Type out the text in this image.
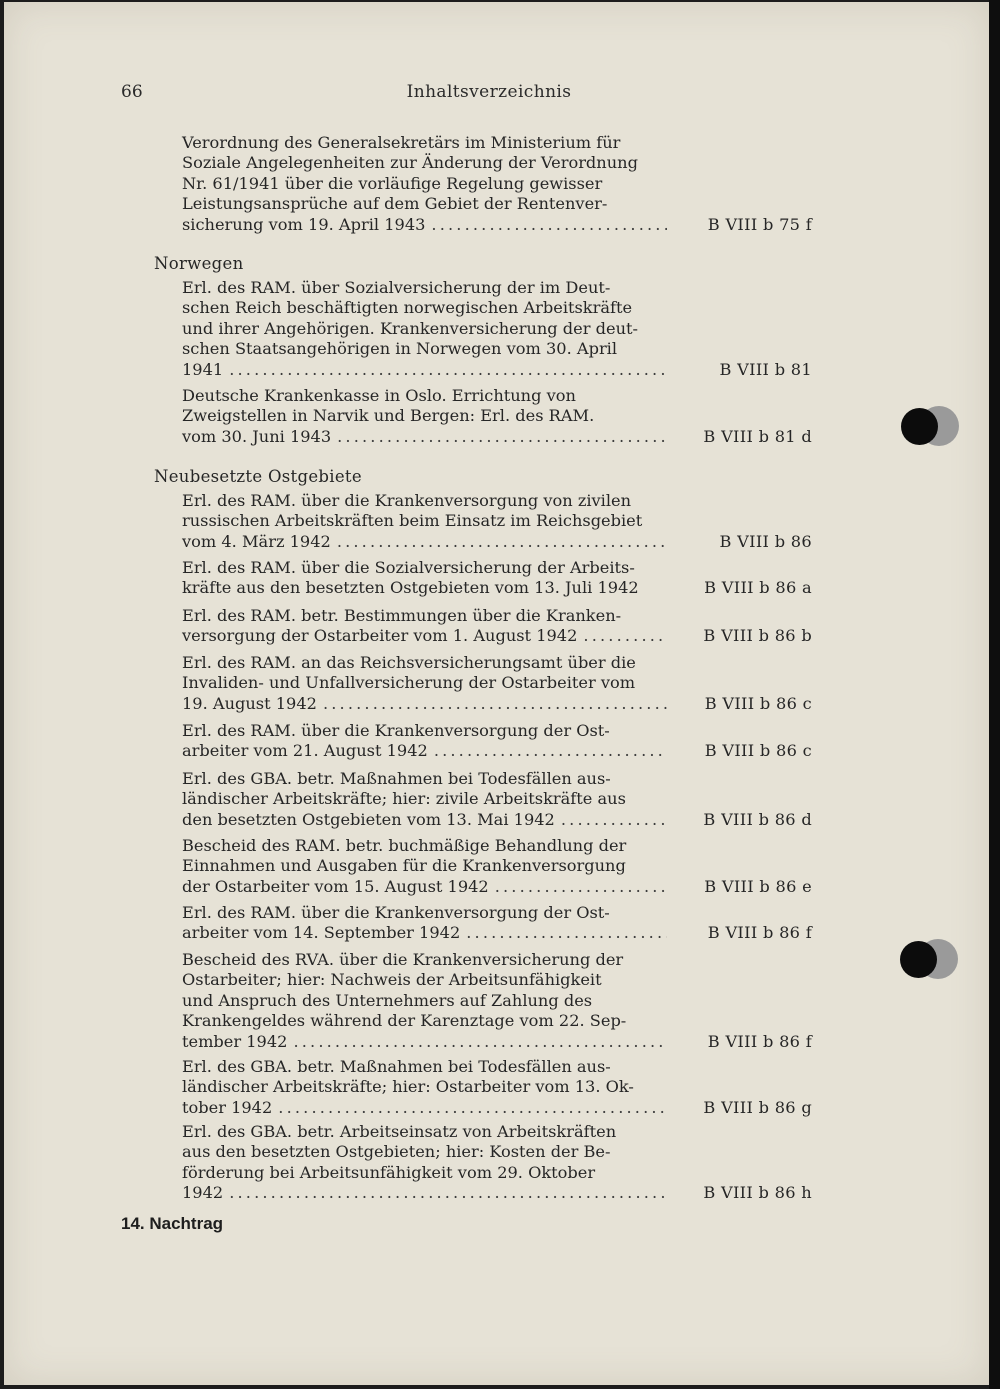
66	Inhaltsverzeichnis
Verordnung des Generalsekretärs im Ministerium für
Soziale Angelegenheiten zur Änderung der Verordnung
Nr. 61/1941 über die vorläufige Regelung gewisser
Leistungsansprüche auf dem Gebiet der Rentenver-
sicherung vom 19. April 1943 . . .	B VIII b 75 f
Norwegen
Erl. des RAM. über Sozialversicherung der im Deut-
schen Reich beschäftigten norwegischen Arbeitskräfte
und ihrer Angehörigen. Krankenversicherung der deut-
schen Staatsangehörigen in Norwegen vom 30. April
1941 . . .	B VIII b 81
Deutsche Krankenkasse in Oslo. Errichtung von
Zweigstellen in Narvik und Bergen: Erl. des RAM.
vom 30. Juni 1943 . . .	B VIII b 81 d
Neubesetzte Ostgebiete
Erl. des RAM. über die Krankenversorgung von zivilen
russischen Arbeitskräften beim Einsatz im Reichsgebiet
vom 4. März 1942 . . .	B VIII b 86
Erl. des RAM. über die Sozialversicherung der Arbeits-
kräfte aus den besetzten Ostgebieten vom 13. Juli 1942	B VIII b 86 a
Erl. des RAM. betr. Bestimmungen über die Kranken-
versorgung der Ostarbeiter vom 1. August 1942 . . .	B VIII b 86 b
Erl. des RAM. an das Reichsversicherungsamt über die
Invaliden- und Unfallversicherung der Ostarbeiter vom
19. August 1942 . . .	B VIII b 86 c
Erl. des RAM. über die Krankenversorgung der Ost-
arbeiter vom 21. August 1942 . . .	B VIII b 86 c
Erl. des GBA. betr. Maßnahmen bei Todesfällen aus-
ländischer Arbeitskräfte; hier: zivile Arbeitskräfte aus
den besetzten Ostgebieten vom 13. Mai 1942 . . .	B VIII b 86 d
Bescheid des RAM. betr. buchmäßige Behandlung der
Einnahmen und Ausgaben für die Krankenversorgung
der Ostarbeiter vom 15. August 1942 . . .	B VIII b 86 e
Erl. des RAM. über die Krankenversorgung der Ost-
arbeiter vom 14. September 1942 . . .	B VIII b 86 f
Bescheid des RVA. über die Krankenversicherung der
Ostarbeiter; hier: Nachweis der Arbeitsunfähigkeit
und Anspruch des Unternehmers auf Zahlung des
Krankengeldes während der Karenztage vom 22. Sep-
tember 1942 . . .	B VIII b 86 f
Erl. des GBA. betr. Maßnahmen bei Todesfällen aus-
ländischer Arbeitskräfte; hier: Ostarbeiter vom 13. Ok-
tober 1942 . . .	B VIII b 86 g
Erl. des GBA. betr. Arbeitseinsatz von Arbeitskräften
aus den besetzten Ostgebieten; hier: Kosten der Be-
förderung bei Arbeitsunfähigkeit vom 29. Oktober
1942 . . .	B VIII b 86 h
14. Nachtrag
